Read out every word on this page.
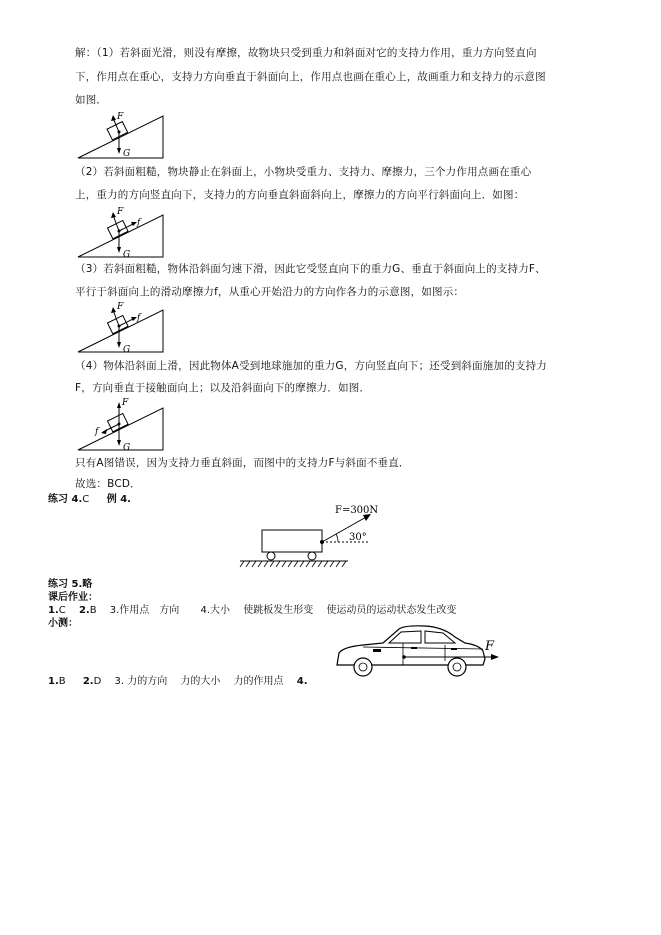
解：（1）若斜面光滑，则没有摩擦，故物块只受到重力和斜面对它的支持力作用，重力方向竖直向
下，作用点在重心，支持力方向垂直于斜面向上，作用点也画在重心上，故画重力和支持力的示意图
如图．
F
G
（2）若斜面粗糙，物块静止在斜面上，小物块受重力、支持力、摩擦力，三个力作用点画在重心
上，重力的方向竖直向下，支持力的方向垂直斜面斜向上，摩擦力的方向平行斜面向上．如图：
F
f
G
（3）若斜面粗糙，物体沿斜面匀速下滑，因此它受竖直向下的重力G、垂直于斜面向上的支持力F、
平行于斜面向上的滑动摩擦力f，从重心开始沿力的方向作各力的示意图，如图示：
F
f
G
（4）物体沿斜面上滑，因此物体A受到地球施加的重力G，方向竖直向下；还受到斜面施加的支持力
F，方向垂直于接触面向上；以及沿斜面向下的摩擦力．如图．
F
f
G
只有A图错误，因为支持力垂直斜面，而图中的支持力F与斜面不垂直．
故选：BCD．
练习 4.C 例 4.
F=300N
30°
练习 5.略
课后作业：
1.C 2.B 3.作用点　方向 4.大小　 使跳板发生形变　 使运动员的运动状态发生改变
小测：
1.B 2.D 3. 力的方向　 力的大小　 力的作用点 4.
F
